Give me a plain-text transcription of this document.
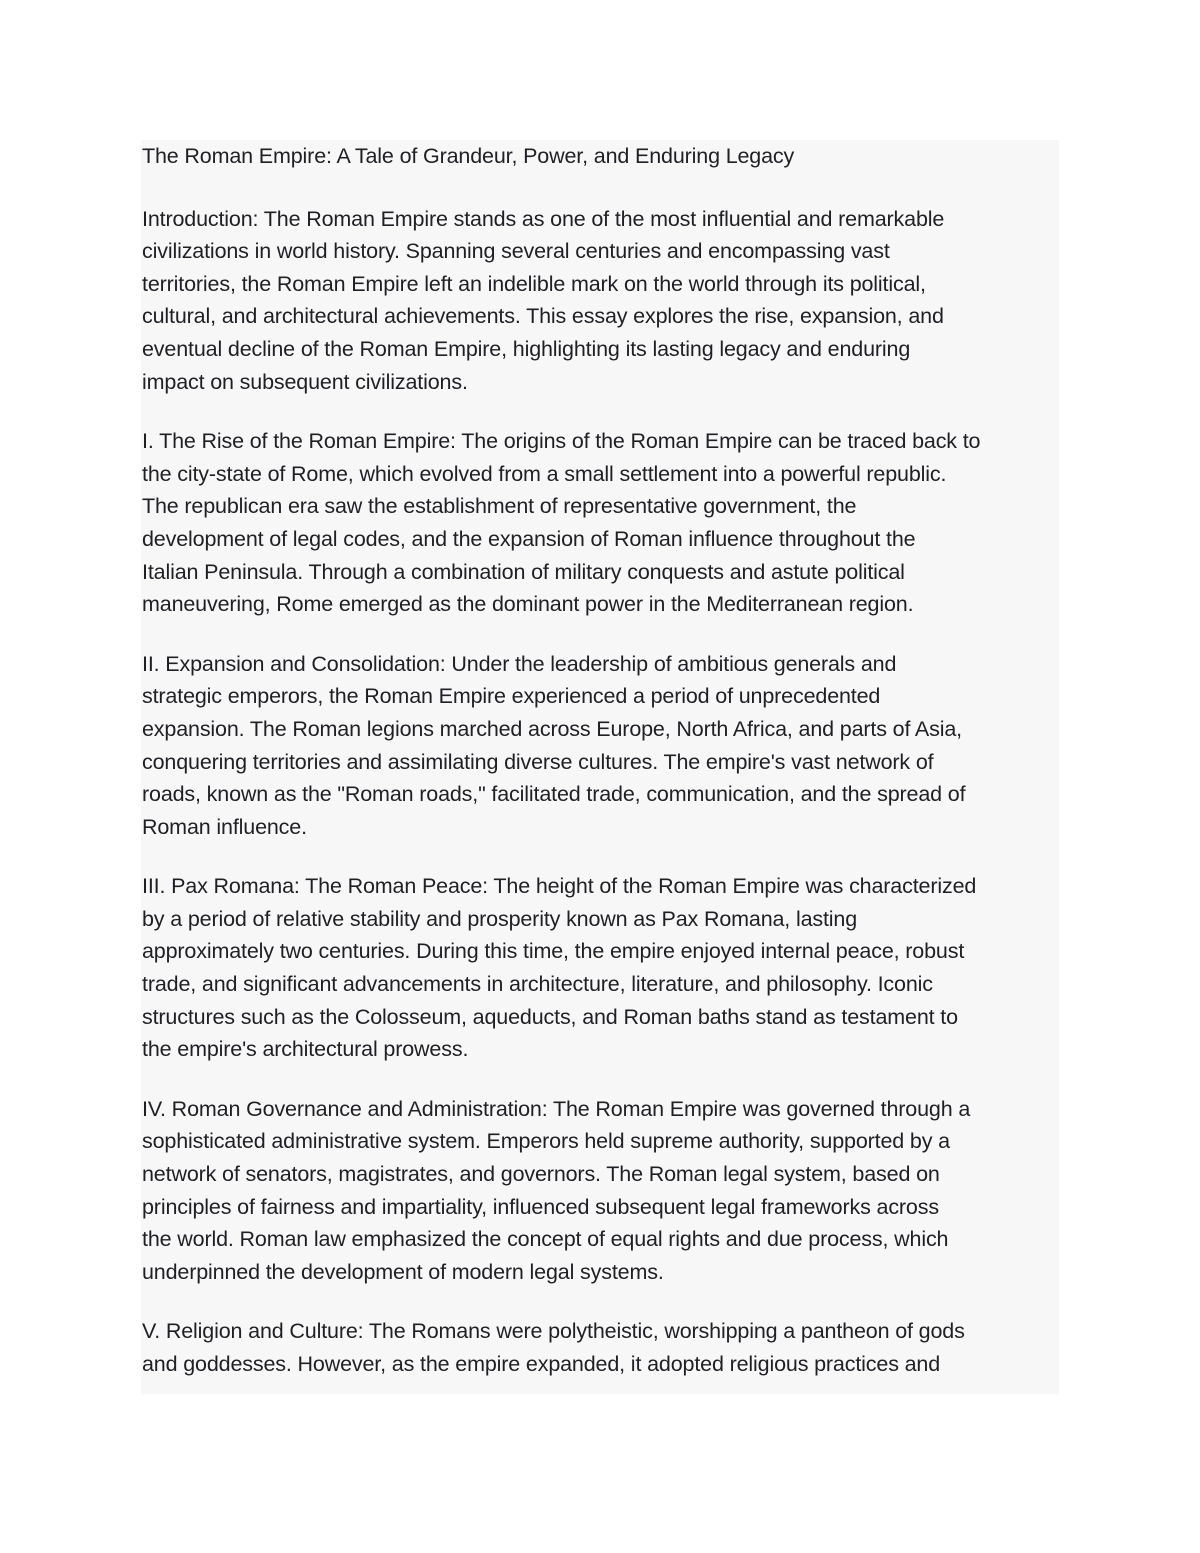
The Roman Empire: A Tale of Grandeur, Power, and Enduring Legacy

Introduction: The Roman Empire stands as one of the most influential and remarkable

civilizations in world history. Spanning several centuries and encompassing vast

territories, the Roman Empire left an indelible mark on the world through its political,

cultural, and architectural achievements. This essay explores the rise, expansion, and

eventual decline of the Roman Empire, highlighting its lasting legacy and enduring

impact on subsequent civilizations.

I. The Rise of the Roman Empire: The origins of the Roman Empire can be traced back to

the city-state of Rome, which evolved from a small settlement into a powerful republic.

The republican era saw the establishment of representative government, the

development of legal codes, and the expansion of Roman influence throughout the

Italian Peninsula. Through a combination of military conquests and astute political

maneuvering, Rome emerged as the dominant power in the Mediterranean region.

II. Expansion and Consolidation: Under the leadership of ambitious generals and

strategic emperors, the Roman Empire experienced a period of unprecedented

expansion. The Roman legions marched across Europe, North Africa, and parts of Asia,

conquering territories and assimilating diverse cultures. The empire's vast network of

roads, known as the "Roman roads," facilitated trade, communication, and the spread of

Roman influence.

III. Pax Romana: The Roman Peace: The height of the Roman Empire was characterized

by a period of relative stability and prosperity known as Pax Romana, lasting

approximately two centuries. During this time, the empire enjoyed internal peace, robust

trade, and significant advancements in architecture, literature, and philosophy. Iconic

structures such as the Colosseum, aqueducts, and Roman baths stand as testament to

the empire's architectural prowess.

IV. Roman Governance and Administration: The Roman Empire was governed through a

sophisticated administrative system. Emperors held supreme authority, supported by a

network of senators, magistrates, and governors. The Roman legal system, based on

principles of fairness and impartiality, influenced subsequent legal frameworks across

the world. Roman law emphasized the concept of equal rights and due process, which

underpinned the development of modern legal systems.

V. Religion and Culture: The Romans were polytheistic, worshipping a pantheon of gods

and goddesses. However, as the empire expanded, it adopted religious practices and
